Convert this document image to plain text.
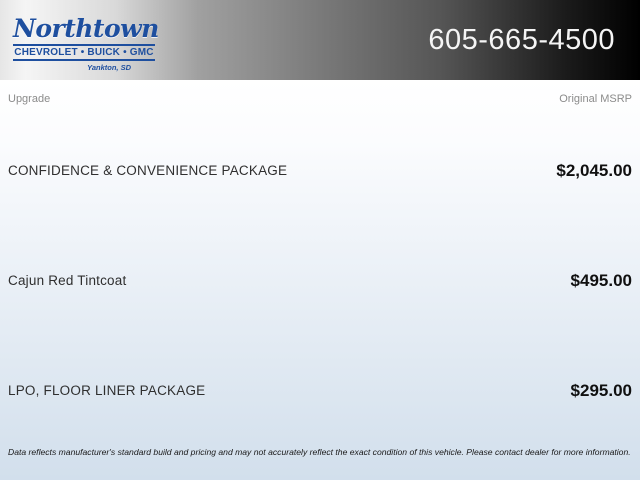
Northtown
CHEVROLET • BUICK • GMC
Yankton, SD
605-665-4500
Upgrade	Original MSRP
CONFIDENCE & CONVENIENCE PACKAGE	$2,045.00
Cajun Red Tintcoat	$495.00
LPO, FLOOR LINER PACKAGE	$295.00
Data reflects manufacturer's standard build and pricing and may not accurately reflect the exact condition of this vehicle. Please contact dealer for more information.
